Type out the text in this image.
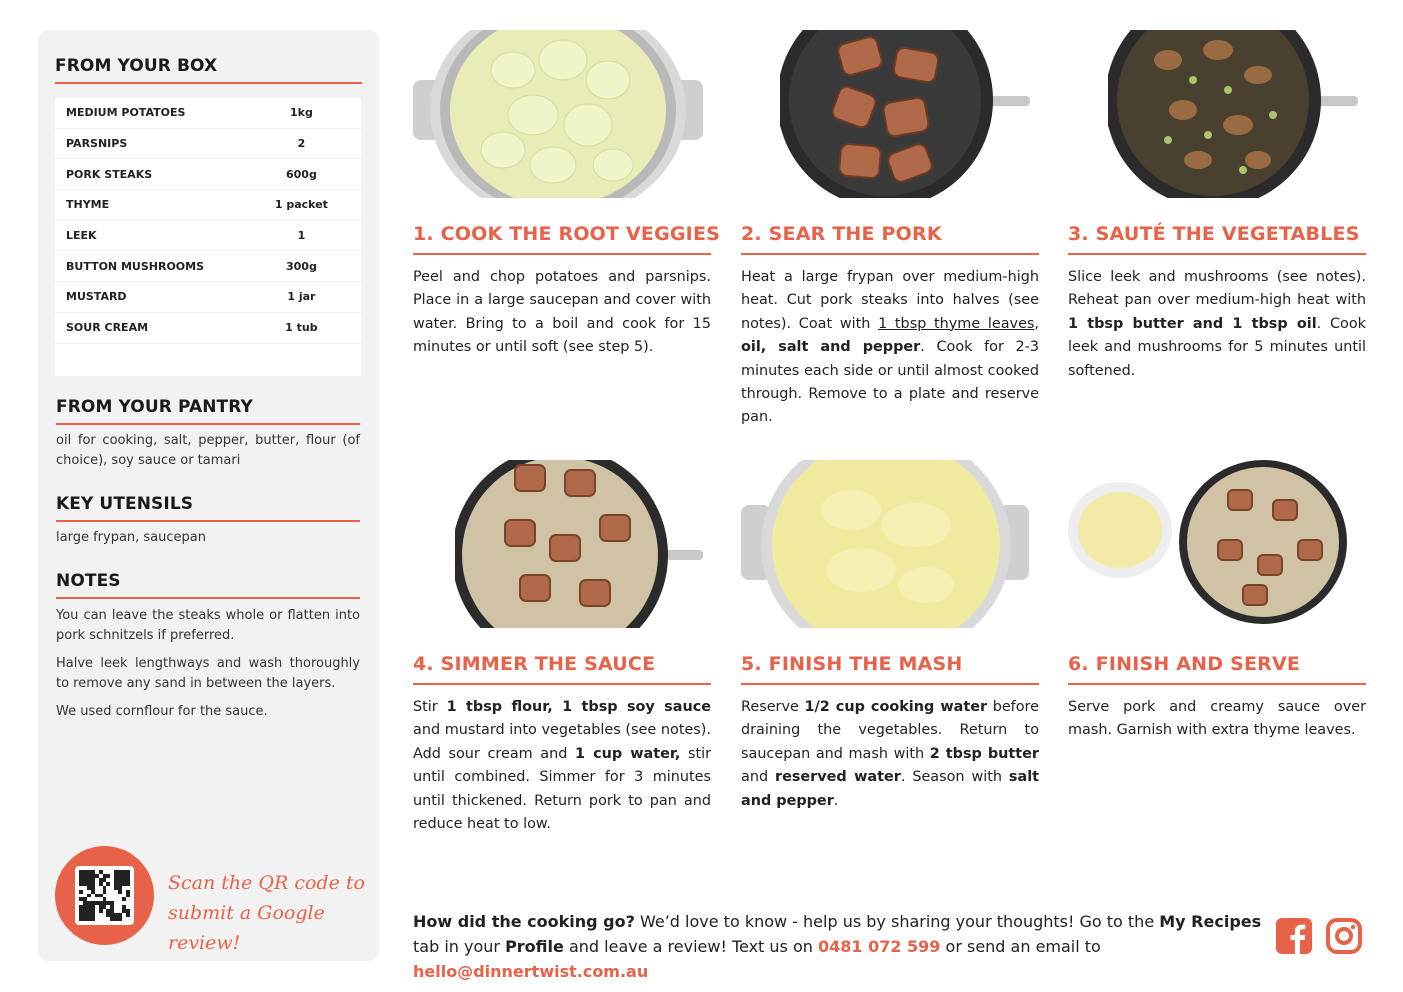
FROM YOUR BOX
MEDIUM POTATOES	1kg
PARSNIPS	2
PORK STEAKS	600g
THYME	1 packet
LEEK	1
BUTTON MUSHROOMS	300g
MUSTARD	1 jar
SOUR CREAM	1 tub
FROM YOUR PANTRY
oil for cooking, salt, pepper, butter, flour (of choice), soy sauce or tamari
KEY UTENSILS
large frypan, saucepan
NOTES
You can leave the steaks whole or flatten into pork schnitzels if preferred.
Halve leek lengthways and wash thoroughly to remove any sand in between the layers.
We used cornflour for the sauce.
Scan the QR code to
submit a Google review!
1. COOK THE ROOT VEGGIES
Peel and chop potatoes and parsnips. Place in a large saucepan and cover with water. Bring to a boil and cook for 15 minutes or until soft (see step 5).
2. SEAR THE PORK
Heat a large frypan over medium-high heat. Cut pork steaks into halves (see notes). Coat with 1 tbsp thyme leaves, oil, salt and pepper. Cook for 2-3 minutes each side or until almost cooked through. Remove to a plate and reserve pan.
3. SAUTÉ THE VEGETABLES
Slice leek and mushrooms (see notes). Reheat pan over medium-high heat with 1 tbsp butter and 1 tbsp oil. Cook leek and mushrooms for 5 minutes until softened.
4. SIMMER THE SAUCE
Stir 1 tbsp flour, 1 tbsp soy sauce and mustard into vegetables (see notes). Add sour cream and 1 cup water, stir until combined. Simmer for 3 minutes until thickened. Return pork to pan and reduce heat to low.
5. FINISH THE MASH
Reserve 1/2 cup cooking water before draining the vegetables. Return to saucepan and mash with 2 tbsp butter and reserved water. Season with salt and pepper.
6. FINISH AND SERVE
Serve pork and creamy sauce over mash. Garnish with extra thyme leaves.
How did the cooking go? We’d love to know - help us by sharing your thoughts! Go to the My Recipes tab in your Profile and leave a review! Text us on 0481 072 599 or send an email to hello@dinnertwist.com.au
